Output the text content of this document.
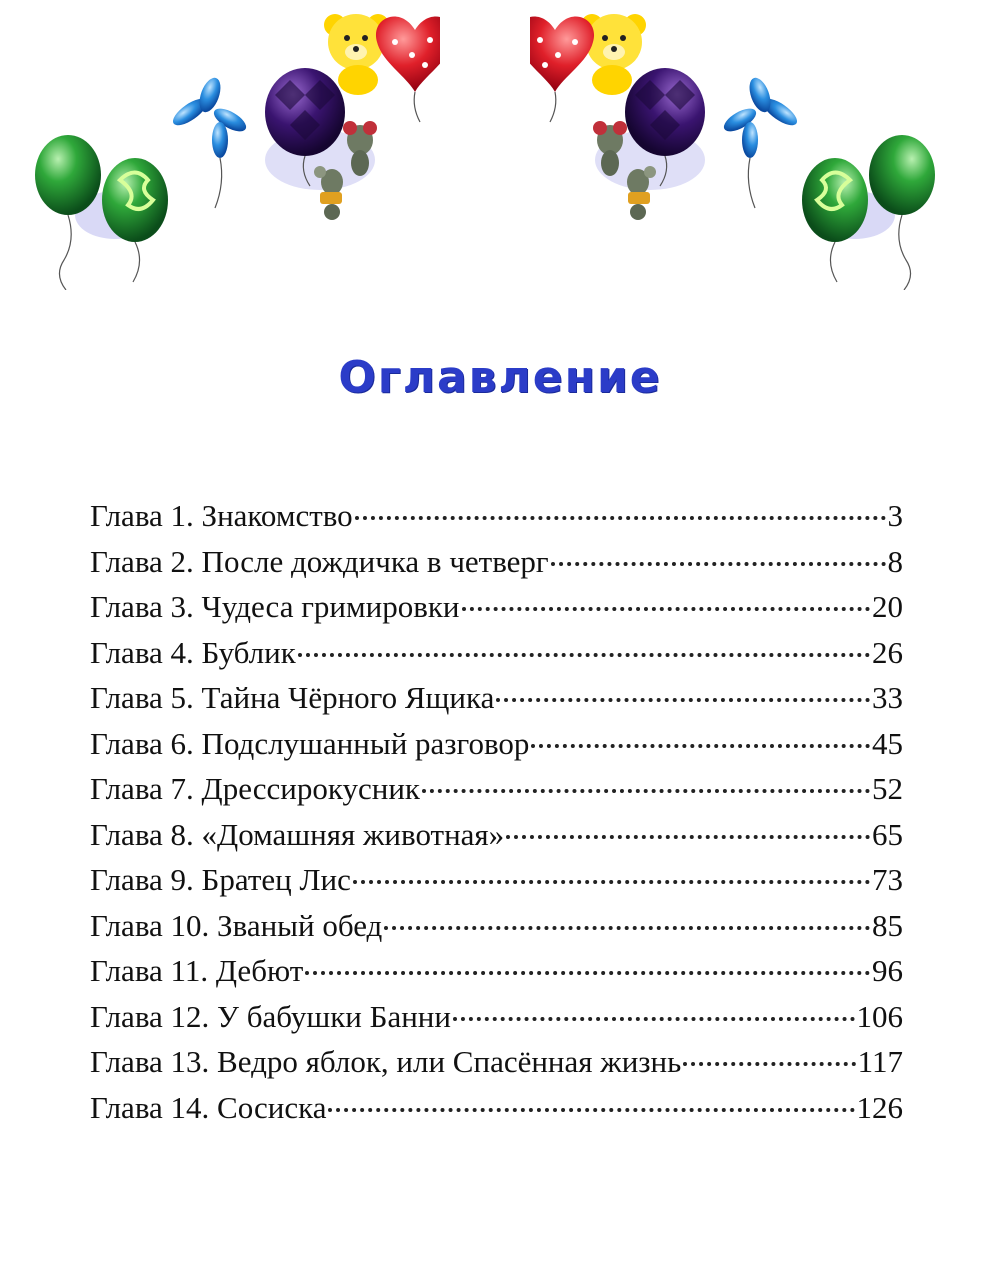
Оглавление
Глава 1. Знакомство	3
Глава 2. После дождичка в четверг	8
Глава 3. Чудеса гримировки	20
Глава 4. Бублик	26
Глава 5. Тайна Чёрного Ящика	33
Глава 6. Подслушанный разговор	45
Глава 7. Дрессирокусник	52
Глава 8. «Домашняя животная»	65
Глава 9. Братец Лис	73
Глава 10. Званый обед	85
Глава 11. Дебют	96
Глава 12. У бабушки Банни	106
Глава 13. Ведро яблок, или Спасённая жизнь	117
Глава 14. Сосиска	126
